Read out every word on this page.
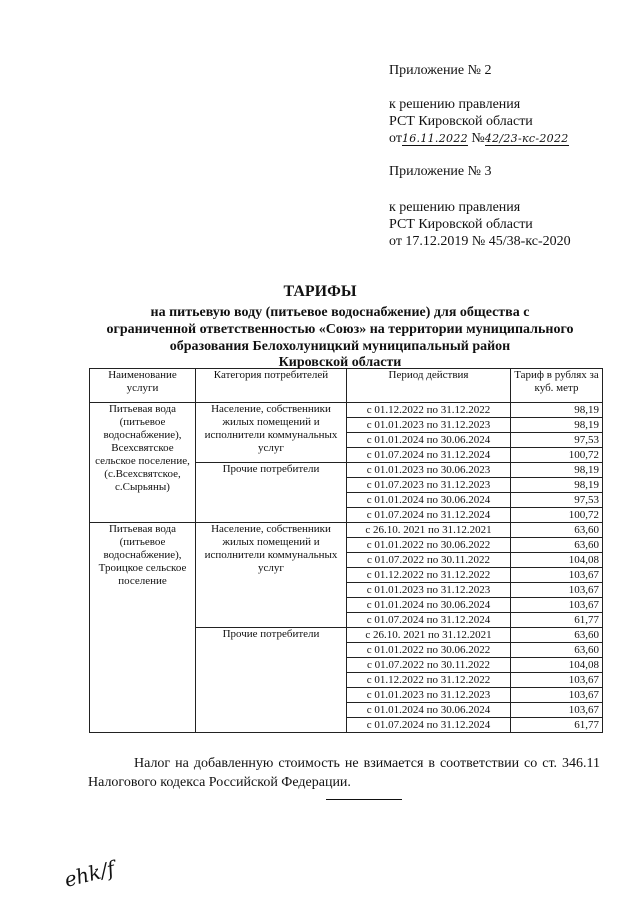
Приложение № 2
к решению правления
РСТ Кировской области
от16.11.2022 №42/23-кс-2022
Приложение № 3
к решению правления
РСТ Кировской области
от 17.12.2019 № 45/38-кс-2020
ТАРИФЫ
на питьевую воду (питьевое водоснабжение) для общества с
ограниченной ответственностью «Союз» на территории муниципального
образования Белохолуницкий муниципальный район
Кировской области
Наименование услуги	Категория потребителей	Период действия	Тариф в рублях за куб. метр
Питьевая вода (питьевое водоснабжение), Всехсвятское сельское поселение, (с.Всехсвятское, с.Сырьяны)	Население, собственники жилых помещений и исполнители коммунальных услуг	с 01.12.2022 по 31.12.2022	98,19
		с 01.01.2023 по 31.12.2023	98,19
		с 01.01.2024 по 30.06.2024	97,53
		с 01.07.2024 по 31.12.2024	100,72
	Прочие потребители	с 01.01.2023 по 30.06.2023	98,19
		с 01.07.2023 по 31.12.2023	98,19
		с 01.01.2024 по 30.06.2024	97,53
		с 01.07.2024 по 31.12.2024	100,72
Питьевая вода (питьевое водоснабжение), Троицкое сельское поселение	Население, собственники жилых помещений и исполнители коммунальных услуг	с 26.10. 2021 по 31.12.2021	63,60
		с 01.01.2022 по 30.06.2022	63,60
		с 01.07.2022 по 30.11.2022	104,08
		с 01.12.2022 по 31.12.2022	103,67
		с 01.01.2023 по 31.12.2023	103,67
		с 01.01.2024 по 30.06.2024	103,67
		с 01.07.2024 по 31.12.2024	61,77
	Прочие потребители	с 26.10. 2021 по 31.12.2021	63,60
		с 01.01.2022 по 30.06.2022	63,60
		с 01.07.2022 по 30.11.2022	104,08
		с 01.12.2022 по 31.12.2022	103,67
		с 01.01.2023 по 31.12.2023	103,67
		с 01.01.2024 по 30.06.2024	103,67
		с 01.07.2024 по 31.12.2024	61,77
Налог на добавленную стоимость не взимается в соответствии со ст. 346.11 Налогового кодекса Российской Федерации.
ehk/f
